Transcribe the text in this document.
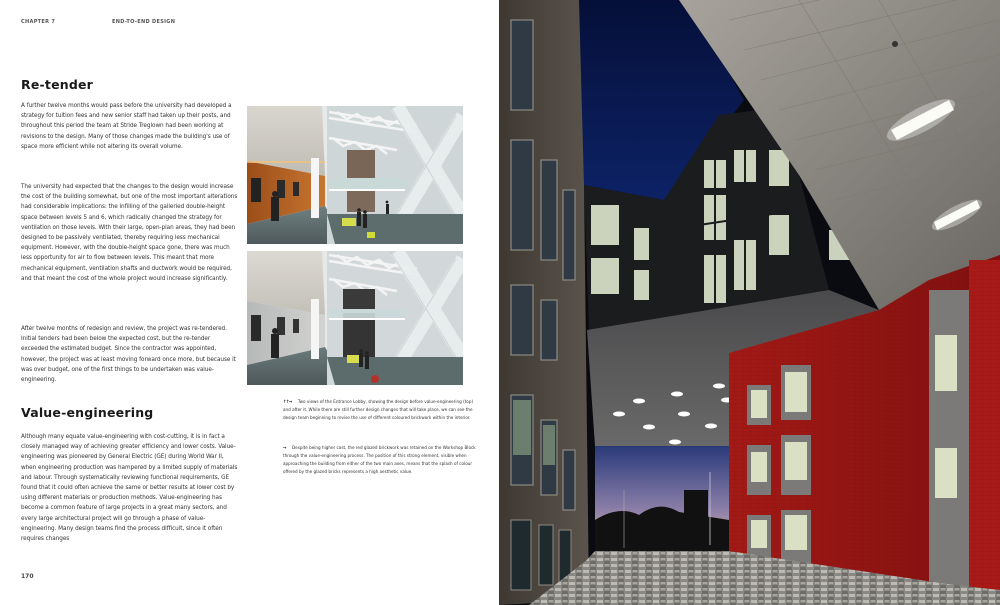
CHAPTER 7	END-TO-END DESIGN
Re-tender

A further twelve months would pass before the university had developed a strategy for tuition fees and new senior staff had taken up their posts, and throughout this period the team at Stride Treglown had been working at revisions to the design. Many of those changes made the building's use of space more efficient while not altering its overall volume.

The university had expected that the changes to the design would increase the cost of the building somewhat, but one of the most important alterations had considerable implications: the infilling of the galleried double-height space between levels 5 and 6, which radically changed the strategy for ventilation on those levels. With their large, open-plan areas, they had been designed to be passively ventilated, thereby requiring less mechanical equipment. However, with the double-height space gone, there was much less opportunity for air to flow between levels. This meant that more mechanical equipment, ventilation shafts and ductwork would be required, and that meant the cost of the whole project would increase significantly.

After twelve months of redesign and review, the project was re-tendered. Initial tenders had been below the expected cost, but the re-tender exceeded the estimated budget. Since the contractor was appointed, however, the project was at least moving forward once more, but because it was over budget, one of the first things to be undertaken was value-engineering.

Value-engineering

Although many equate value-engineering with cost-cutting, it is in fact a closely managed way of achieving greater efficiency and lower costs. Value-engineering was pioneered by General Electric (GE) during World War II, when engineering production was hampered by a limited supply of materials and labour. Through systematically reviewing functional requirements, GE found that it could often achieve the same or better results at lower cost by using different materials or production methods. Value-engineering has become a common feature of large projects in a great many sectors, and every large architectural project will go through a phase of value-engineering. Many design teams find the process difficult, since it often requires changes

170

↑↑→ Two views of the Entrance Lobby, showing the design before value-engineering (top) and after it. While there are still further design changes that will take place, we can see the design team beginning to revise the use of different coloured brickwork within the interior.

→ Despite being higher cost, the red glazed brickwork was retained on the Workshop Block through the value-engineering process. The position of this strong element, visible when approaching the building from either of the two main axes, means that the splash of colour offered by the glazed bricks represents a high aesthetic value.
